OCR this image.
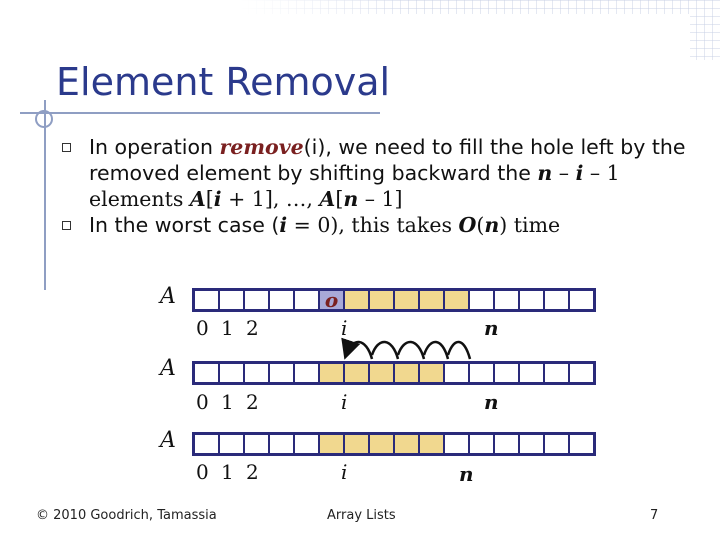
Element Removal
In operation remove(i), we need to fill the hole left by the removed element by shifting backward the n – i – 1 elements A[i + 1], …, A[n – 1]
In the worst case (i = 0), this takes O(n) time
A	o
0 1 2	i	n
A
0 1 2	i	n
A
0 1 2	i	n
© 2010 Goodrich, Tamassia	Array Lists	7
